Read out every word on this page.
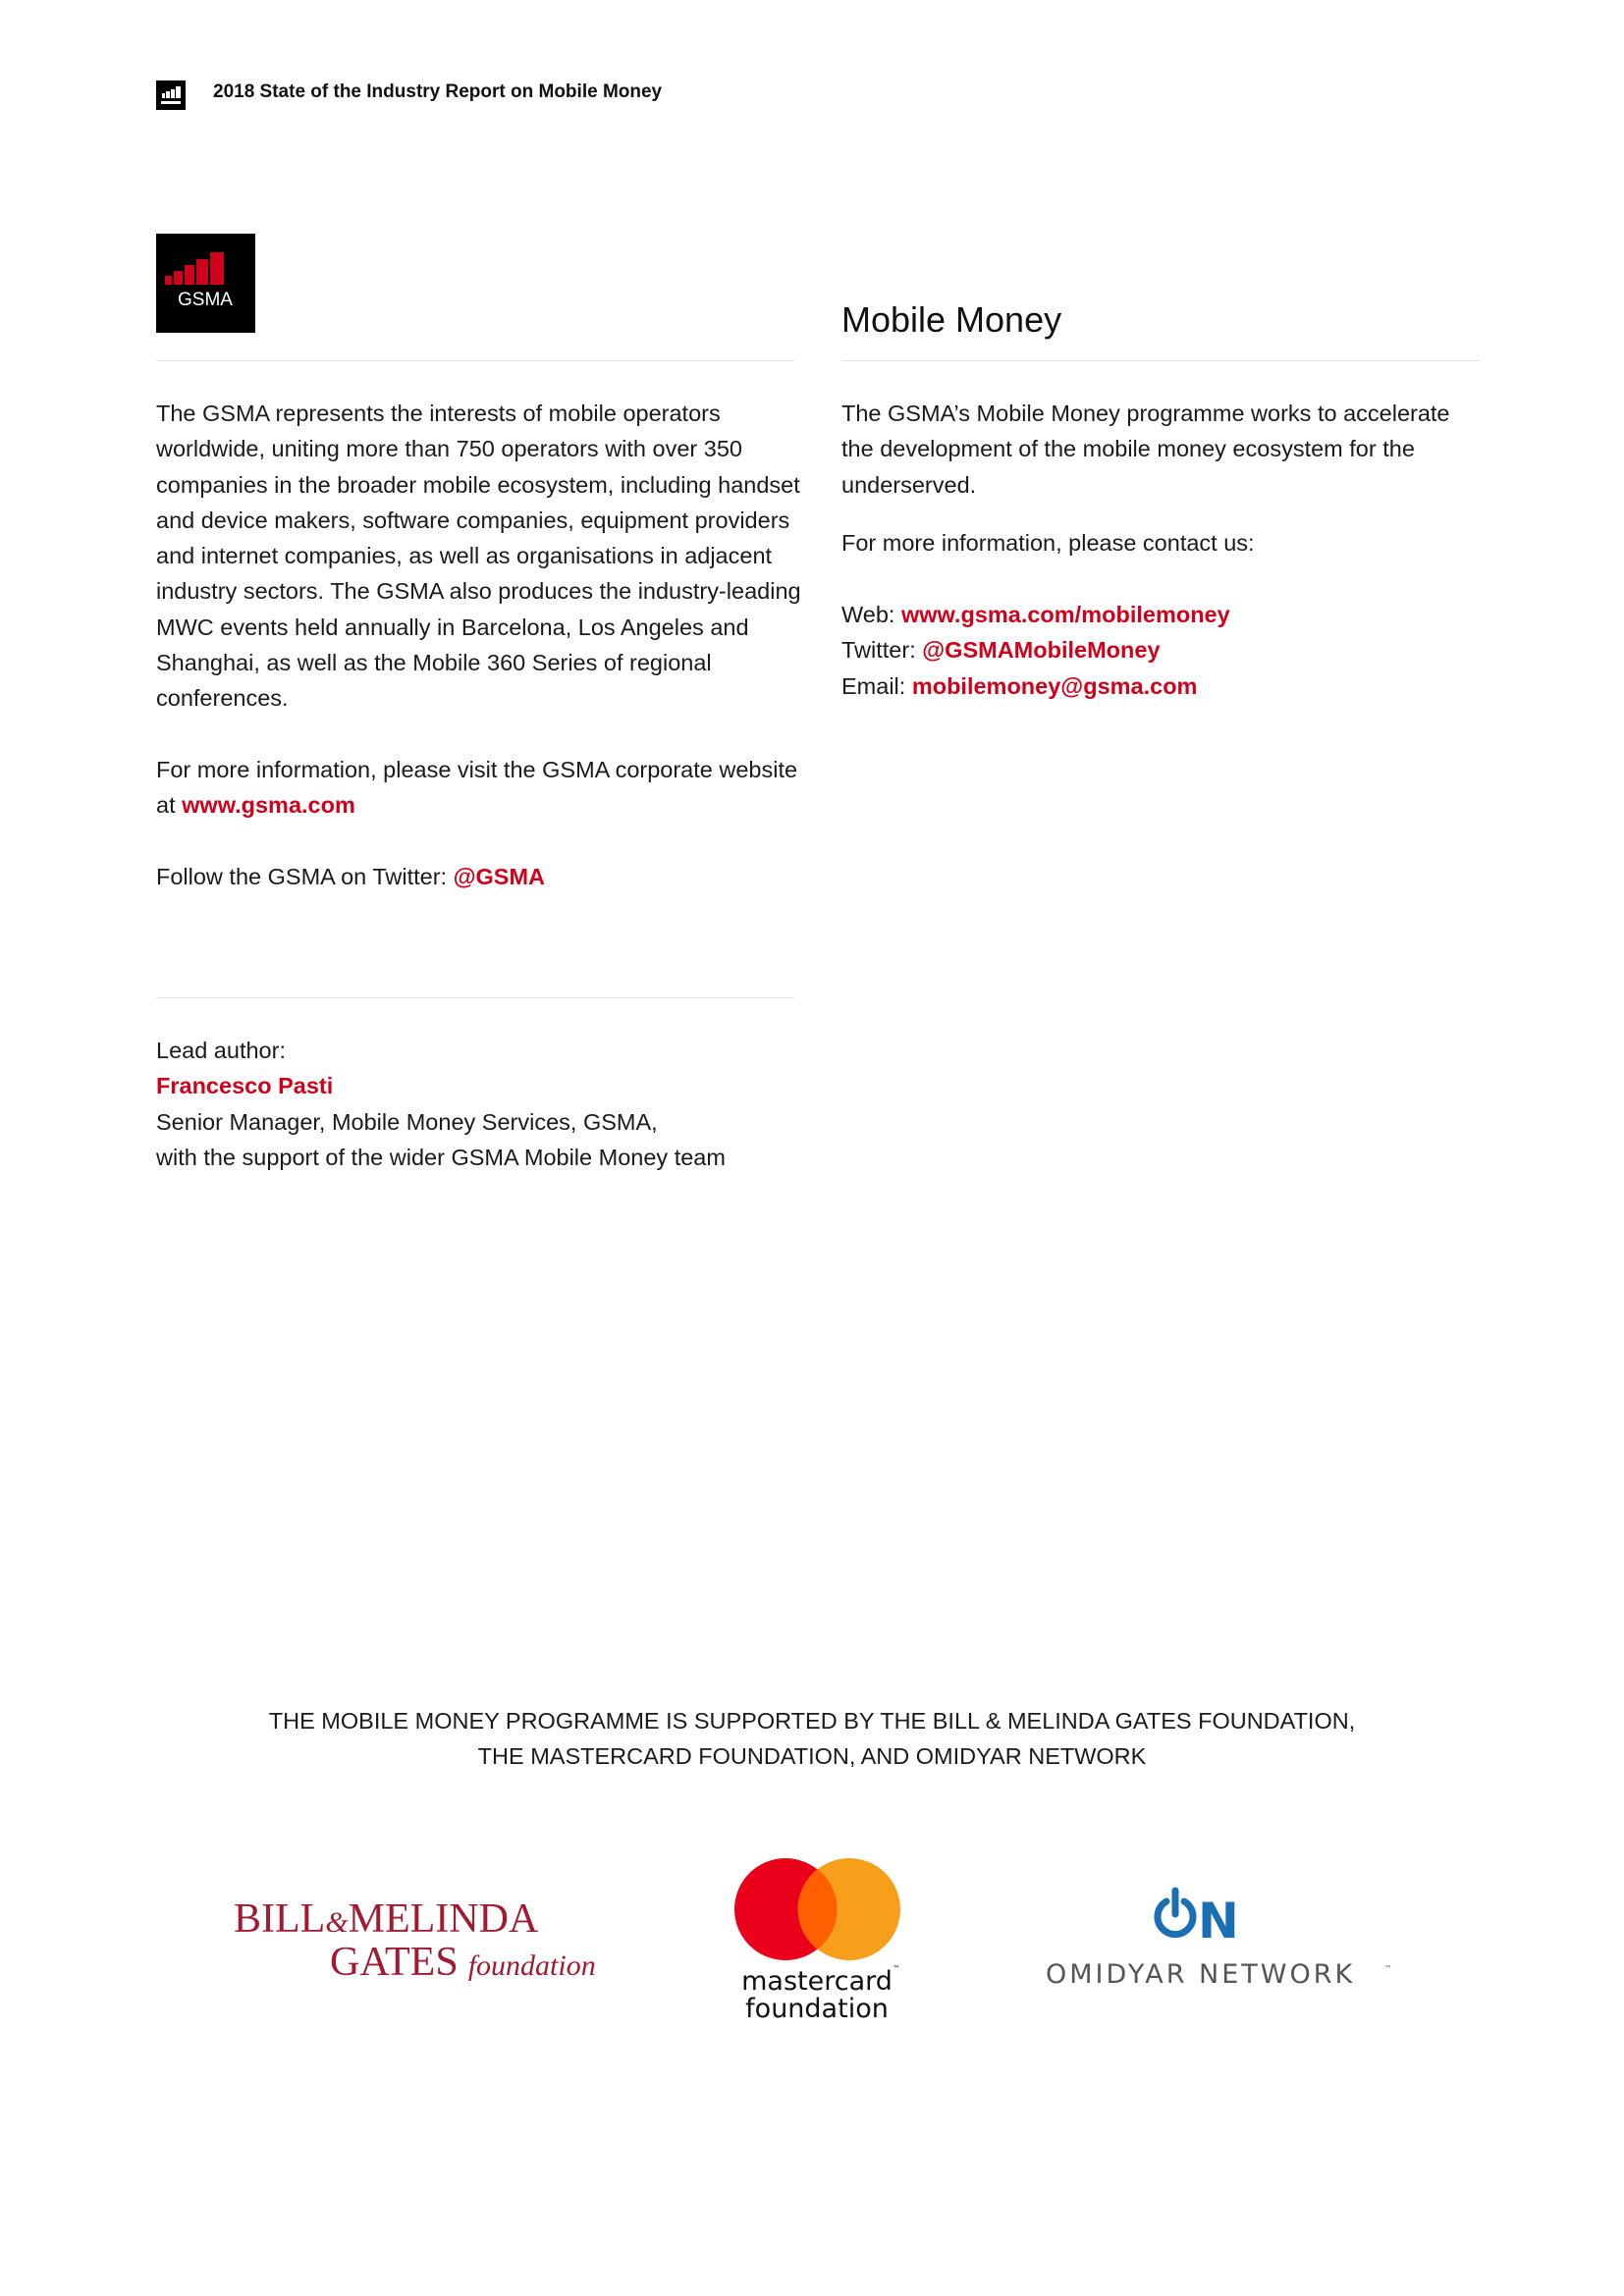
2018 State of the Industry Report on Mobile Money
GSMA	Mobile Money
The GSMA represents the interests of mobile operators worldwide, uniting more than 750 operators with over 350 companies in the broader mobile ecosystem, including handset and device makers, software companies, equipment providers and internet companies, as well as organisations in adjacent industry sectors. The GSMA also produces the industry-leading MWC events held annually in Barcelona, Los Angeles and Shanghai, as well as the Mobile 360 Series of regional conferences.
For more information, please visit the GSMA corporate website at www.gsma.com
Follow the GSMA on Twitter: @GSMA
Lead author:
Francesco Pasti
Senior Manager, Mobile Money Services, GSMA,
with the support of the wider GSMA Mobile Money team
The GSMA’s Mobile Money programme works to accelerate the development of the mobile money ecosystem for the underserved.
For more information, please contact us:
Web: www.gsma.com/mobilemoney
Twitter: @GSMAMobileMoney
Email: mobilemoney@gsma.com
THE MOBILE MONEY PROGRAMME IS SUPPORTED BY THE BILL & MELINDA GATES FOUNDATION,
THE MASTERCARD FOUNDATION, AND OMIDYAR NETWORK
BILL&MELINDA
GATES foundation	mastercard
foundation
™
N
OMIDYAR NETWORK	™
